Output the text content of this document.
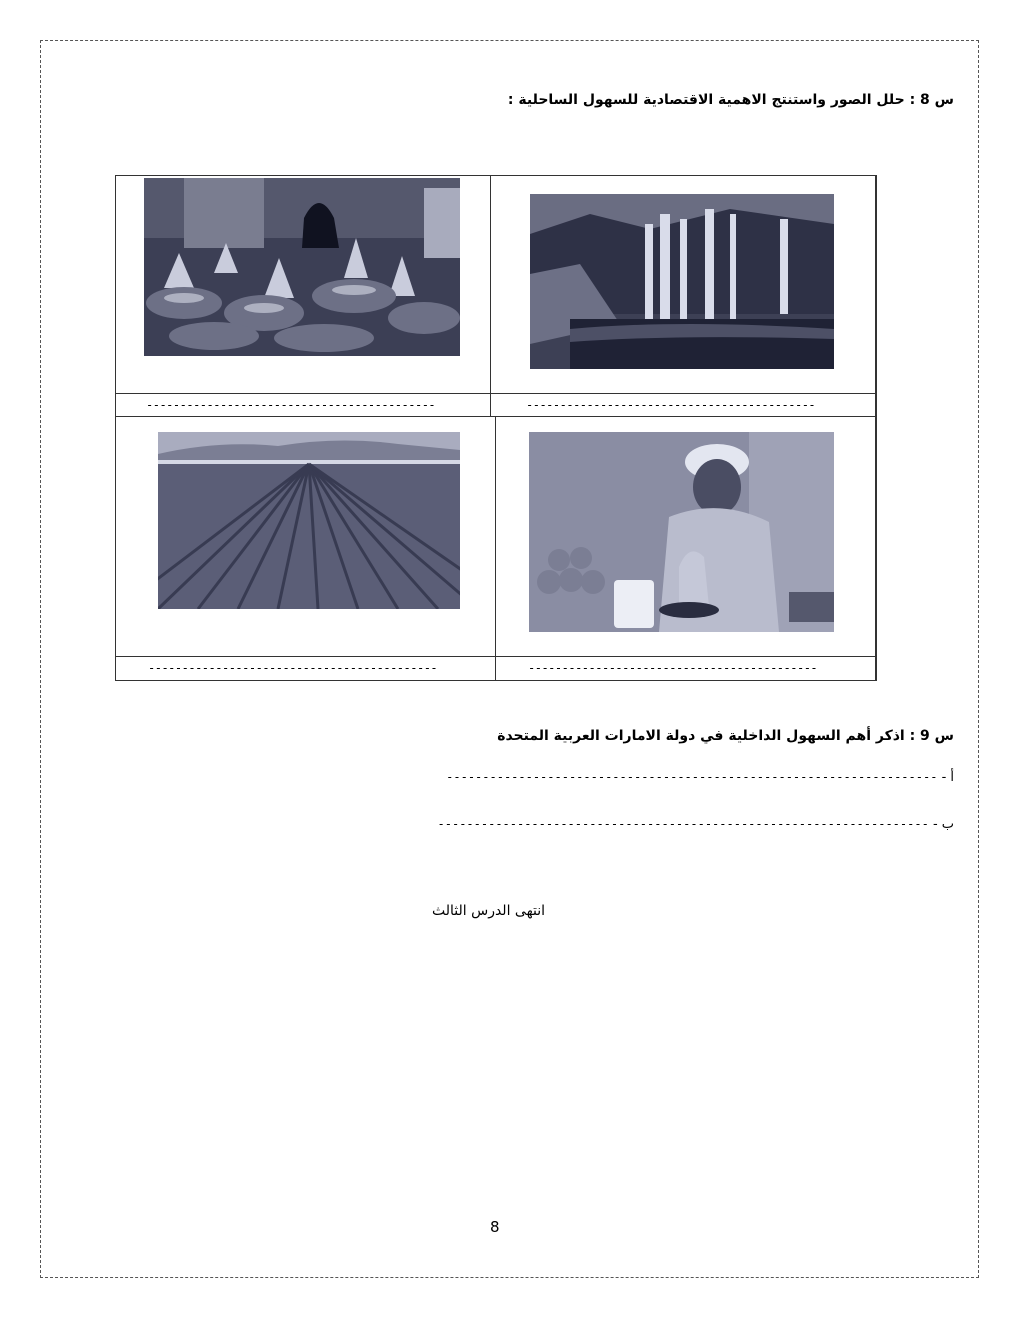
س 8 : حلل الصور واستنتج الاهمية الاقتصادية للسهول الساحلية :
-------------------------------------------	-------------------------------------------
-------------------------------------------	-------------------------------------------
س 9 : اذكر أهم السهول الداخلية في دولة الامارات العربية المتحدة
أ - --------------------------------------------------------------------
ب - --------------------------------------------------------------------
انتهى الدرس الثالث
8
